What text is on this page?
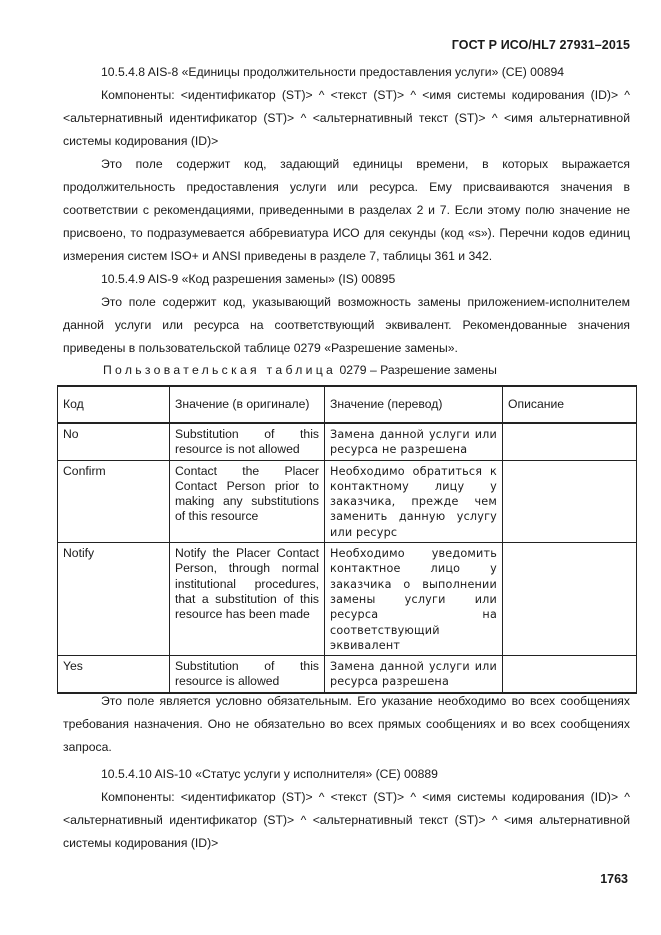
ГОСТ Р ИСО/HL7 27931–2015
10.5.4.8 AIS-8 «Единицы продолжительности предоставления услуги» (CE) 00894
Компоненты: <идентификатор (ST)> ^ <текст (ST)> ^ <имя системы кодирования (ID)> ^ <альтернативный идентификатор (ST)> ^ <альтернативный текст (ST)> ^ <имя альтернативной системы кодирования (ID)>
Это поле содержит код, задающий единицы времени, в которых выражается продолжительность предоставления услуги или ресурса. Ему присваиваются значения в соответствии с рекомендациями, приведенными в разделах 2 и 7. Если этому полю значение не присвоено, то подразумевается аббревиатура ИСО для секунды (код «s»). Перечни кодов единиц измерения систем ISO+ и ANSI приведены в разделе 7, таблицы 361 и 342.
10.5.4.9 AIS-9 «Код разрешения замены» (IS) 00895
Это поле содержит код, указывающий возможность замены приложением-исполнителем данной услуги или ресурса на соответствующий эквивалент. Рекомендованные значения приведены в пользовательской таблице 0279 «Разрешение замены».
Пользовательская таблица 0279 – Разрешение замены
Код	Значение (в оригинале)	Значение (перевод)	Описание
No	Substitution of this resource is not allowed	Замена данной услуги или ресурса не разрешена	
Confirm	Contact the Placer Contact Person prior to making any substitutions of this resource	Необходимо обратиться к контактному лицу у заказчика, прежде чем заменить данную услугу или ресурс	
Notify	Notify the Placer Contact Person, through normal institutional procedures, that a substitution of this resource has been made	Необходимо уведомить контактное лицо у заказчика о выполнении замены услуги или ресурса на соответствующий эквивалент	
Yes	Substitution of this resource is allowed	Замена данной услуги или ресурса разрешена	
Это поле является условно обязательным. Его указание необходимо во всех сообщениях требования назначения. Оно не обязательно во всех прямых сообщениях и во всех сообщениях запроса.
10.5.4.10 AIS-10 «Статус услуги у исполнителя» (CE) 00889
Компоненты: <идентификатор (ST)> ^ <текст (ST)> ^ <имя системы кодирования (ID)> ^ <альтернативный идентификатор (ST)> ^ <альтернативный текст (ST)> ^ <имя альтернативной системы кодирования (ID)>
1763
